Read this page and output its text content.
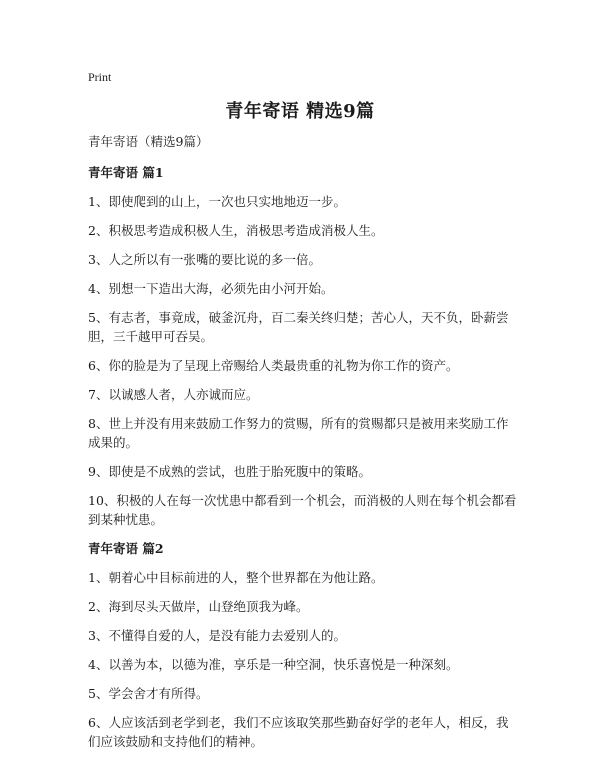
Print
青年寄语 精选9篇

青年寄语（精选9篇）

青年寄语 篇1

1、即使爬到的山上，一次也只实地地迈一步。

2、积极思考造成积极人生，消极思考造成消极人生。

3、人之所以有一张嘴的要比说的多一倍。

4、别想一下造出大海，必须先由小河开始。

5、有志者，事竟成，破釜沉舟，百二秦关终归楚；苦心人，天不负，卧薪尝胆，三千越甲可吞吴。

6、你的脸是为了呈现上帝赐给人类最贵重的礼物为你工作的资产。

7、以诚感人者，人亦诚而应。

8、世上并没有用来鼓励工作努力的赏赐，所有的赏赐都只是被用来奖励工作成果的。

9、即使是不成熟的尝试，也胜于胎死腹中的策略。

10、积极的人在每一次忧患中都看到一个机会，而消极的人则在每个机会都看到某种忧患。

青年寄语 篇2

1、朝着心中目标前进的人，整个世界都在为他让路。

2、海到尽头天做岸，山登绝顶我为峰。

3、不懂得自爱的人，是没有能力去爱别人的。

4、以善为本，以德为准，享乐是一种空洞，快乐喜悦是一种深刻。

5、学会舍才有所得。

6、人应该活到老学到老，我们不应该取笑那些勤奋好学的老年人，相反，我们应该鼓励和支持他们的精神。
